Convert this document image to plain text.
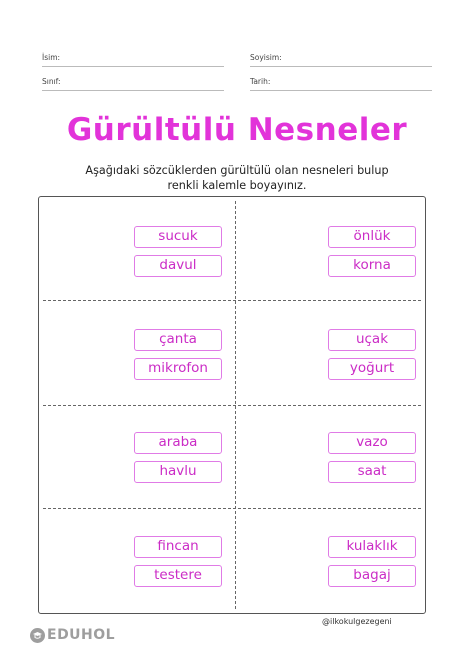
İsim:	Soyisim:
Sınıf:	Tarih:
Gürültülü Nesneler
Aşağıdaki sözcüklerden gürültülü olan nesneleri bulup
renkli kalemle boyayınız.
sucuk
davul
önlük
korna
çanta
mikrofon
uçak
yoğurt
araba
havlu
vazo
saat
fincan
testere
kulaklık
bagaj
@ilkokulgezegeni
EDUHOL
